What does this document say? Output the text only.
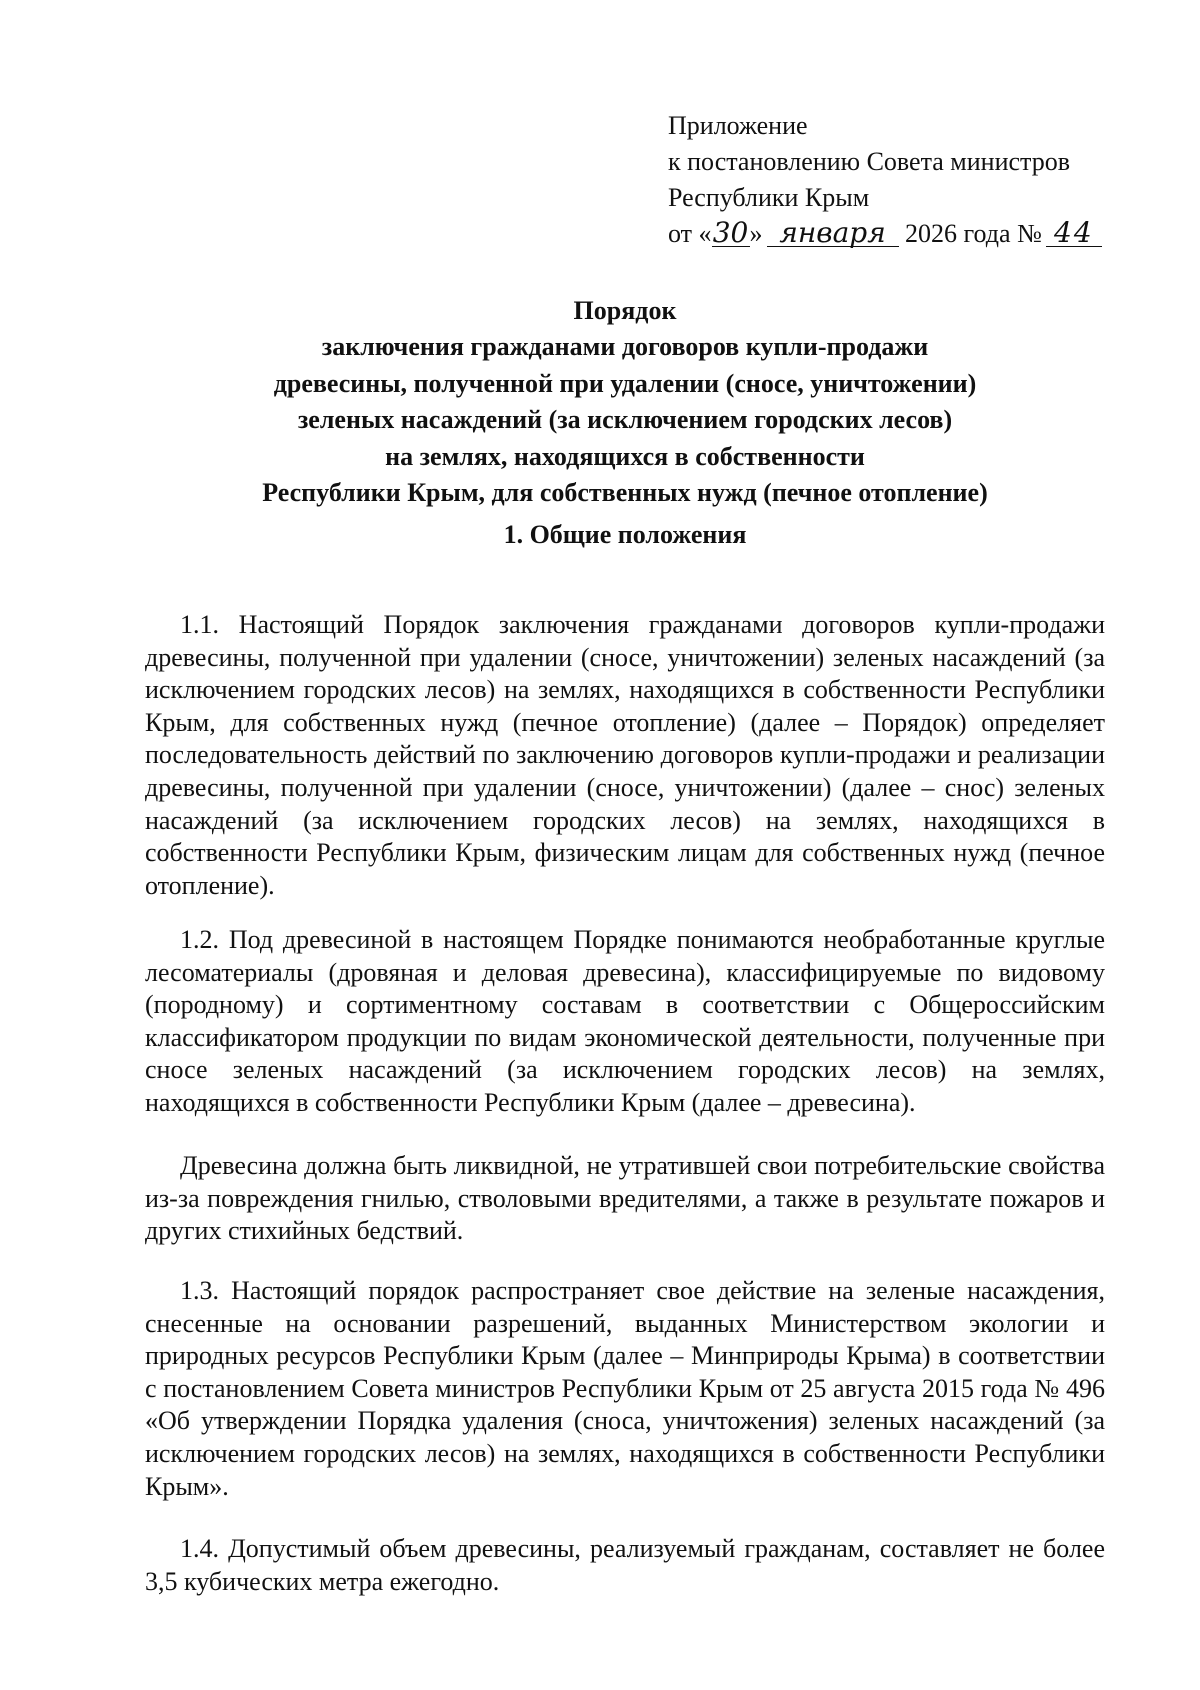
Приложение
к постановлению Совета министров
Республики Крым
от «30» января 2026 года № 44
Порядок
заключения гражданами договоров купли-продажи
древесины, полученной при удалении (сносе, уничтожении)
зеленых насаждений (за исключением городских лесов)
на землях, находящихся в собственности
Республики Крым, для собственных нужд (печное отопление)
1. Общие положения

1.1. Настоящий Порядок заключения гражданами договоров купли-продажи древесины, полученной при удалении (сносе, уничтожении) зеленых насаждений (за исключением городских лесов) на землях, находящихся в собственности Республики Крым, для собственных нужд (печное отопление) (далее – Порядок) определяет последовательность действий по заключению договоров купли-продажи и реализации древесины, полученной при удалении (сносе, уничтожении) (далее – снос) зеленых насаждений (за исключением городских лесов) на землях, находящихся в собственности Республики Крым, физическим лицам для собственных нужд (печное отопление).

1.2. Под древесиной в настоящем Порядке понимаются необработанные круглые лесоматериалы (дровяная и деловая древесина), классифицируемые по видовому (породному) и сортиментному составам в соответствии с Общероссийским классификатором продукции по видам экономической деятельности, полученные при сносе зеленых насаждений (за исключением городских лесов) на землях, находящихся в собственности Республики Крым (далее – древесина).

Древесина должна быть ликвидной, не утратившей свои потребительские свойства из-за повреждения гнилью, стволовыми вредителями, а также в результате пожаров и других стихийных бедствий.

1.3. Настоящий порядок распространяет свое действие на зеленые насаждения, снесенные на основании разрешений, выданных Министерством экологии и природных ресурсов Республики Крым (далее – Минприроды Крыма) в соответствии с постановлением Совета министров Республики Крым от 25 августа 2015 года № 496 «Об утверждении Порядка удаления (сноса, уничтожения) зеленых насаждений (за исключением городских лесов) на землях, находящихся в собственности Республики Крым».

1.4. Допустимый объем древесины, реализуемый гражданам, составляет не более 3,5 кубических метра ежегодно.
